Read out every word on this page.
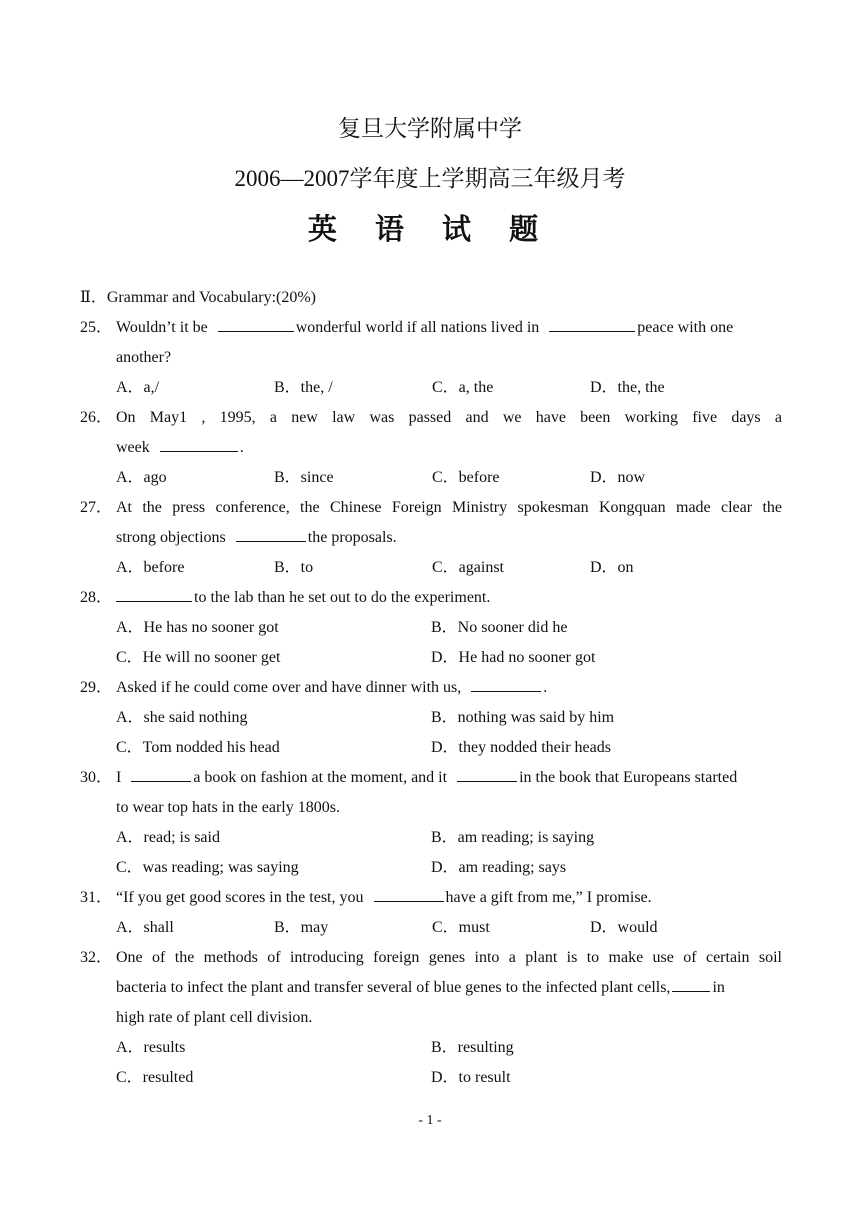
复旦大学附属中学
2006—2007学年度上学期高三年级月考
英 语 试 题
Ⅱ．Grammar and Vocabulary:(20%)
25． Wouldn’t it be	wonderful world if all nations lived in	peace with one
another?
A．a,/	B．the, /	C．a, the	D．the, the
26． On May1 , 1995, a new law was passed and we have been working five days a
week	.
A．ago	B．since	C．before	D．now
27． At the press conference, the Chinese Foreign Ministry spokesman Kongquan made clear the
strong objections	the proposals.
A．before	B．to	C．against	D．on
28．	to the lab than he set out to do the experiment.
A．He has no sooner got	B．No sooner did he
C．He will no sooner get	D．He had no sooner got
29． Asked if he could come over and have dinner with us,	.
A．she said nothing	B．nothing was said by him
C．Tom nodded his head	D．they nodded their heads
30． I	a book on fashion at the moment, and it	in the book that Europeans started
to wear top hats in the early 1800s.
A．read; is said	B．am reading; is saying
C．was reading; was saying	D．am reading; says
31． “If you get good scores in the test, you	have a gift from me,” I promise.
A．shall	B．may	C．must	D．would
32． One of the methods of introducing foreign genes into a plant is to make use of certain soil
bacteria to infect the plant and transfer several of blue genes to the infected plant cells,	in
high rate of plant cell division.
A．results	B．resulting
C．resulted	D．to result
- 1 -
